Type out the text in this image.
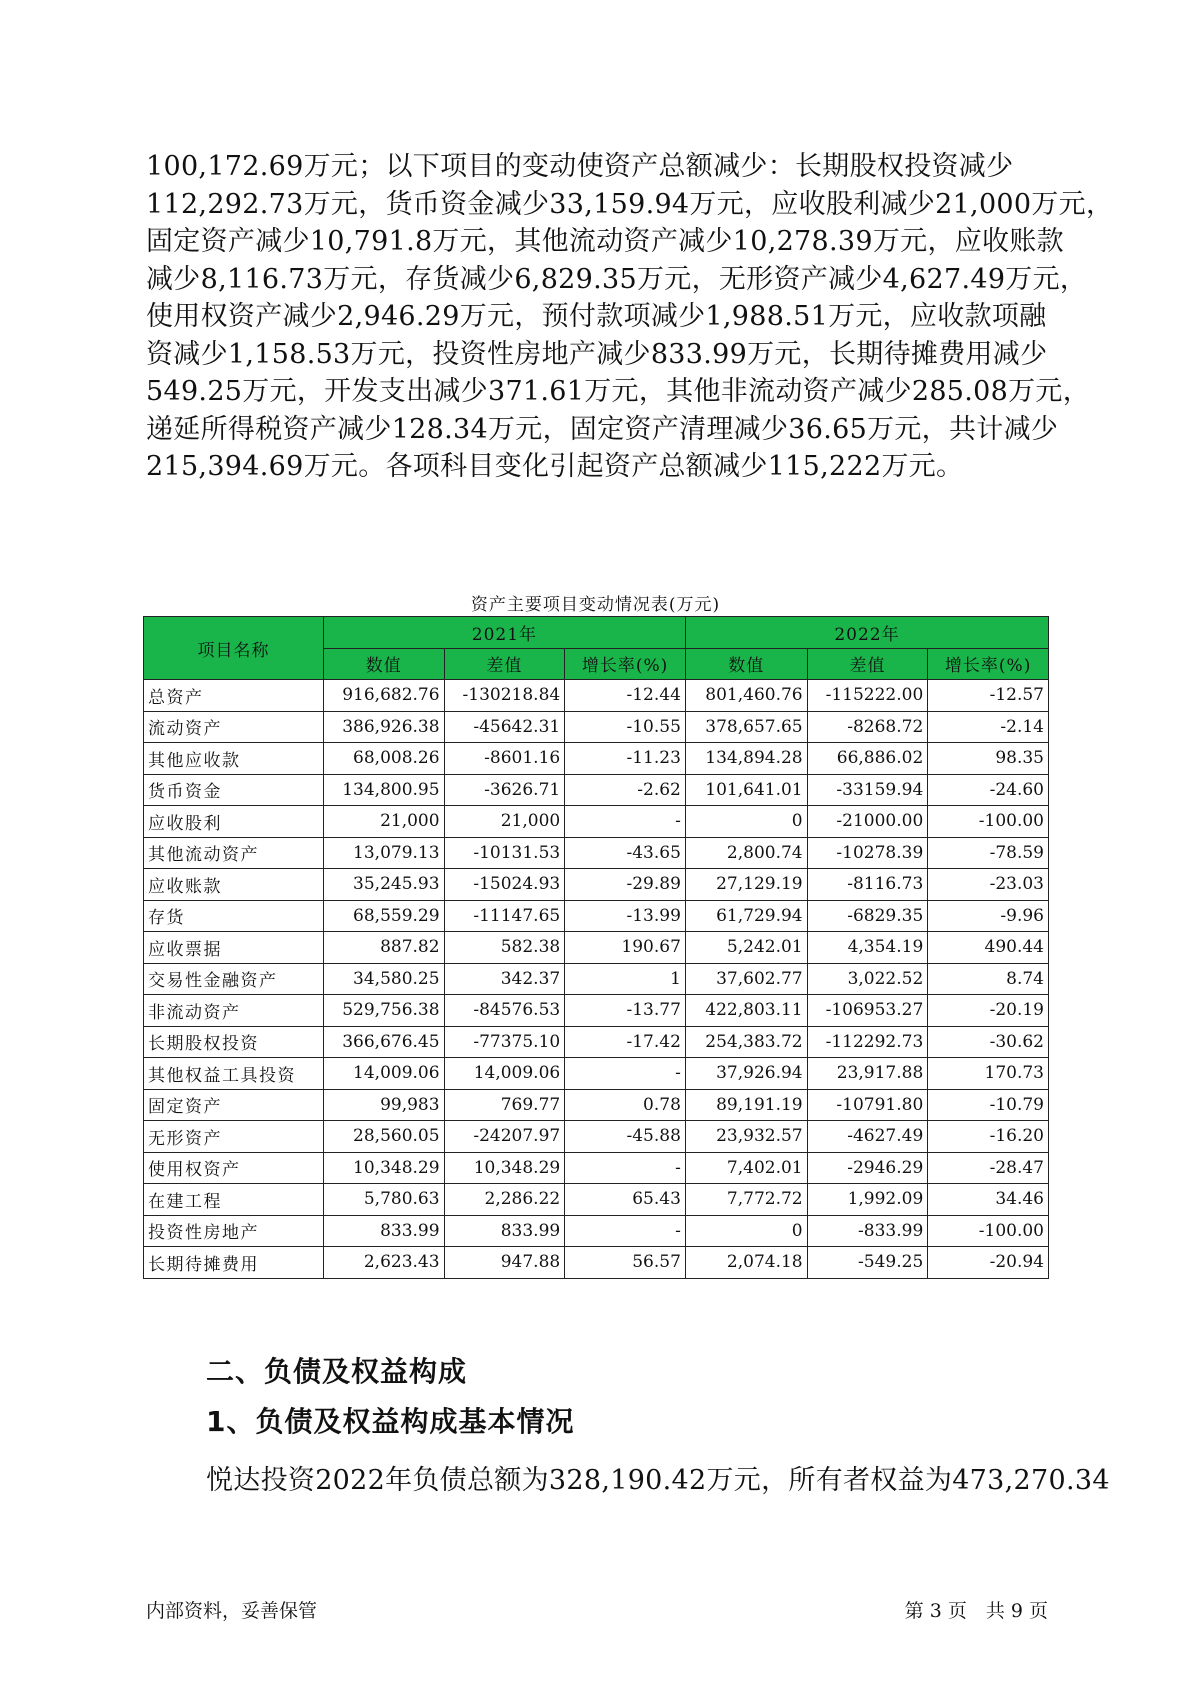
100,172.69万元；以下项目的变动使资产总额减少：长期股权投资减少
112,292.73万元，货币资金减少33,159.94万元，应收股利减少21,000万元，
固定资产减少10,791.8万元，其他流动资产减少10,278.39万元，应收账款
减少8,116.73万元，存货减少6,829.35万元，无形资产减少4,627.49万元，
使用权资产减少2,946.29万元，预付款项减少1,988.51万元，应收款项融
资减少1,158.53万元，投资性房地产减少833.99万元，长期待摊费用减少
549.25万元，开发支出减少371.61万元，其他非流动资产减少285.08万元，
递延所得税资产减少128.34万元，固定资产清理减少36.65万元，共计减少
215,394.69万元。各项科目变化引起资产总额减少115,222万元。

资产主要项目变动情况表(万元)
项目名称	2021年			2022年		
	数值	差值	增长率(%)	数值	差值	增长率(%)
总资产	916,682.76	-130218.84	-12.44	801,460.76	-115222.00	-12.57
流动资产	386,926.38	-45642.31	-10.55	378,657.65	-8268.72	-2.14
其他应收款	68,008.26	-8601.16	-11.23	134,894.28	66,886.02	98.35
货币资金	134,800.95	-3626.71	-2.62	101,641.01	-33159.94	-24.60
应收股利	21,000	21,000	-	0	-21000.00	-100.00
其他流动资产	13,079.13	-10131.53	-43.65	2,800.74	-10278.39	-78.59
应收账款	35,245.93	-15024.93	-29.89	27,129.19	-8116.73	-23.03
存货	68,559.29	-11147.65	-13.99	61,729.94	-6829.35	-9.96
应收票据	887.82	582.38	190.67	5,242.01	4,354.19	490.44
交易性金融资产	34,580.25	342.37	1	37,602.77	3,022.52	8.74
非流动资产	529,756.38	-84576.53	-13.77	422,803.11	-106953.27	-20.19
长期股权投资	366,676.45	-77375.10	-17.42	254,383.72	-112292.73	-30.62
其他权益工具投资	14,009.06	14,009.06	-	37,926.94	23,917.88	170.73
固定资产	99,983	769.77	0.78	89,191.19	-10791.80	-10.79
无形资产	28,560.05	-24207.97	-45.88	23,932.57	-4627.49	-16.20
使用权资产	10,348.29	10,348.29	-	7,402.01	-2946.29	-28.47
在建工程	5,780.63	2,286.22	65.43	7,772.72	1,992.09	34.46
投资性房地产	833.99	833.99	-	0	-833.99	-100.00
长期待摊费用	2,623.43	947.88	56.57	2,074.18	-549.25	-20.94
二、负债及权益构成
1、负债及权益构成基本情况
悦达投资2022年负债总额为328,190.42万元，所有者权益为473,270.34
内部资料，妥善保管	第 3 页　共 9 页
